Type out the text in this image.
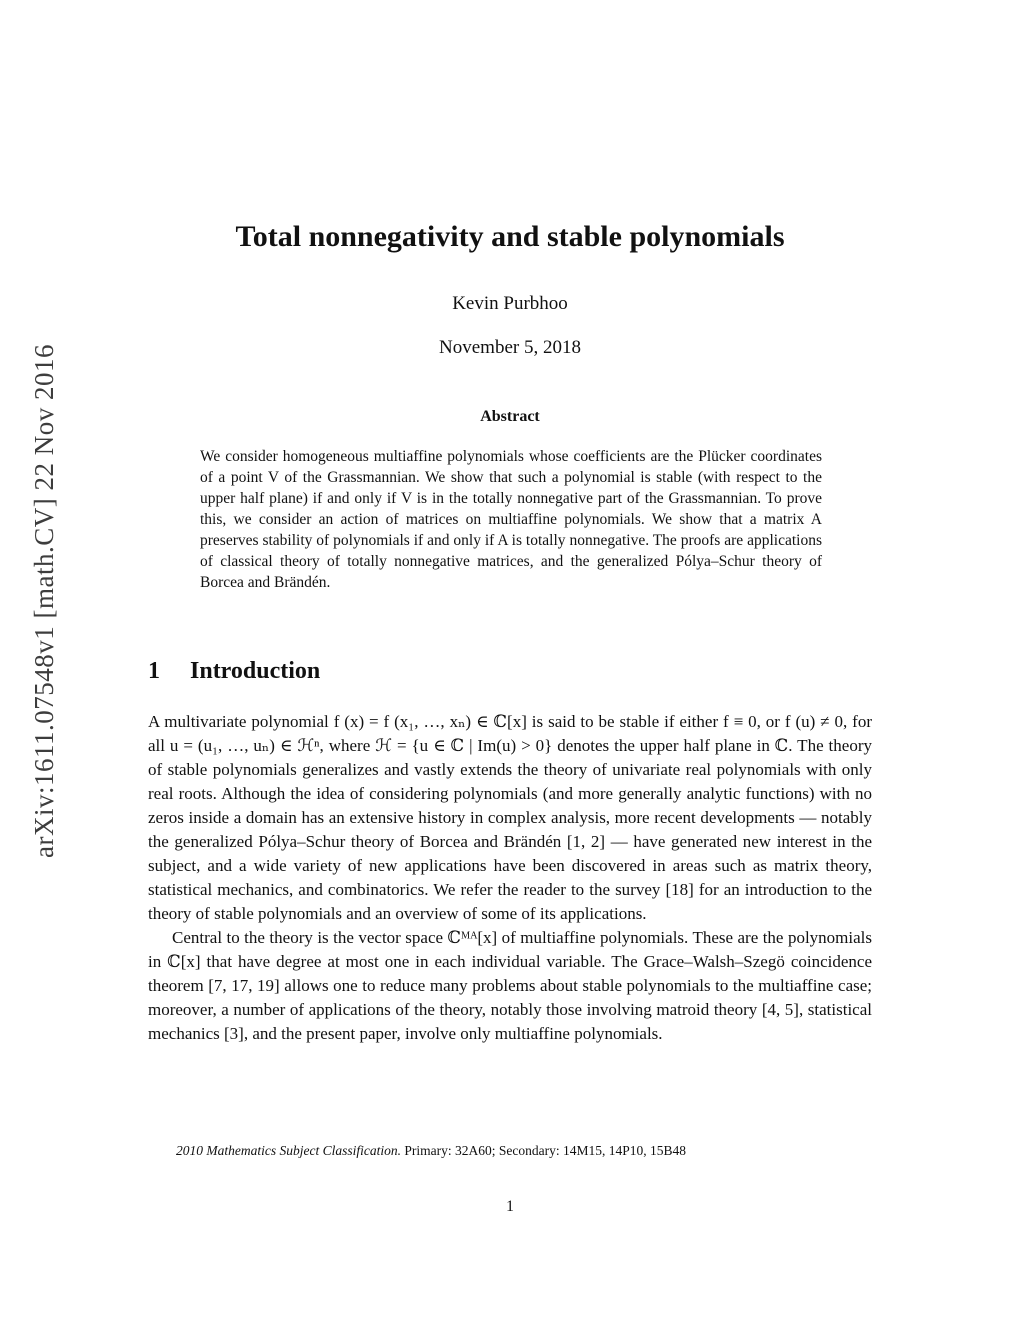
arXiv:1611.07548v1 [math.CV] 22 Nov 2016
Total nonnegativity and stable polynomials
Kevin Purbhoo
November 5, 2018
Abstract
We consider homogeneous multiaffine polynomials whose coefficients are the Plücker coordinates of a point V of the Grassmannian. We show that such a polynomial is stable (with respect to the upper half plane) if and only if V is in the totally nonnegative part of the Grassmannian. To prove this, we consider an action of matrices on multiaffine polynomials. We show that a matrix A preserves stability of polynomials if and only if A is totally nonnegative. The proofs are applications of classical theory of totally nonnegative matrices, and the generalized Pólya–Schur theory of Borcea and Brändén.
1 Introduction

A multivariate polynomial f (x) = f (x₁, …, xₙ) ∈ ℂ[x] is said to be stable if either f ≡ 0, or f (u) ≠ 0, for all u = (u₁, …, uₙ) ∈ ℋⁿ, where ℋ = {u ∈ ℂ | Im(u) > 0} denotes the upper half plane in ℂ. The theory of stable polynomials generalizes and vastly extends the theory of univariate real polynomials with only real roots. Although the idea of considering polynomials (and more generally analytic functions) with no zeros inside a domain has an extensive history in complex analysis, more recent developments — notably the generalized Pólya–Schur theory of Borcea and Brändén [1, 2] — have generated new interest in the subject, and a wide variety of new applications have been discovered in areas such as matrix theory, statistical mechanics, and combinatorics. We refer the reader to the survey [18] for an introduction to the theory of stable polynomials and an overview of some of its applications.

Central to the theory is the vector space ℂᴹᴬ[x] of multiaffine polynomials. These are the polynomials in ℂ[x] that have degree at most one in each individual variable. The Grace–Walsh–Szegö coincidence theorem [7, 17, 19] allows one to reduce many problems about stable polynomials to the multiaffine case; moreover, a number of applications of the theory, notably those involving matroid theory [4, 5], statistical mechanics [3], and the present paper, involve only multiaffine polynomials.

2010 Mathematics Subject Classification. Primary: 32A60; Secondary: 14M15, 14P10, 15B48
1
